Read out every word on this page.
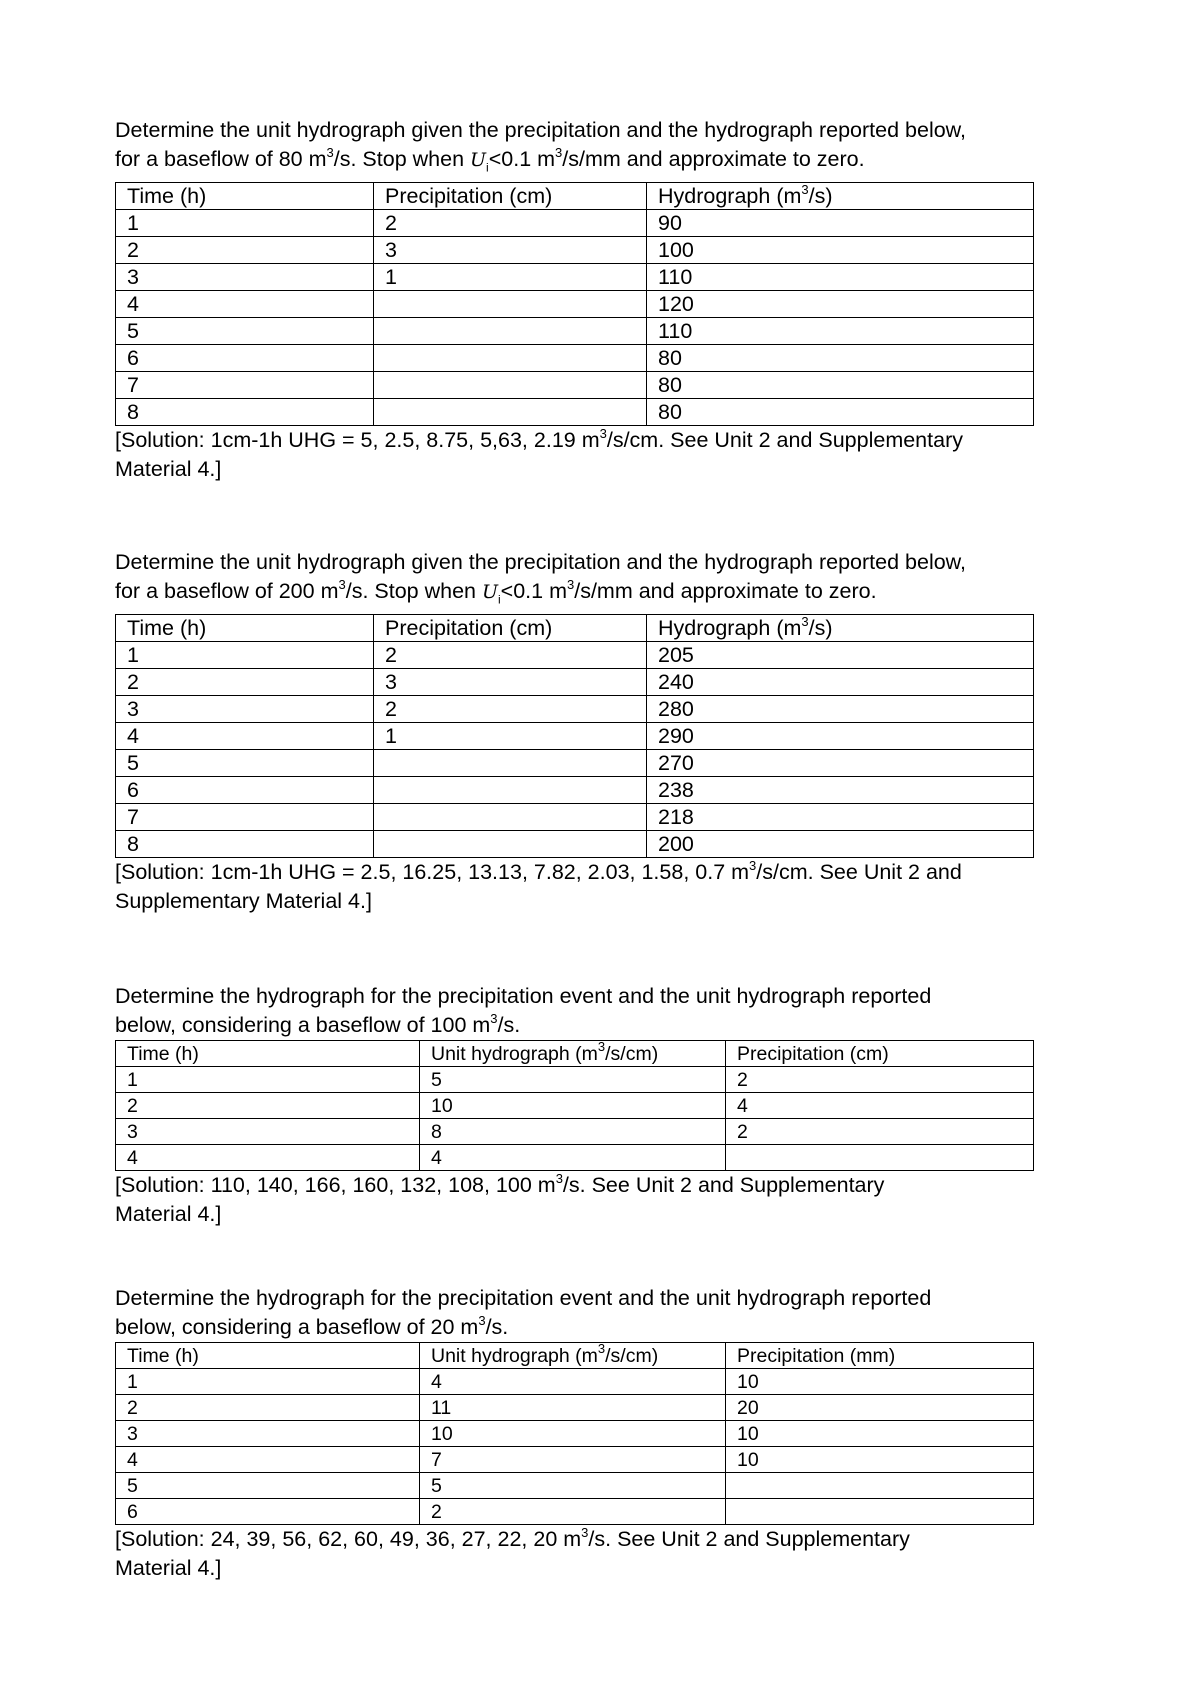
Determine the unit hydrograph given the precipitation and the hydrograph reported below,
for a baseflow of 80 $m^3/s$. Stop when $U_i<0.1$ $m^3/s/mm$ and approximate to zero.

Time (h)	Precipitation (cm)	Hydrograph $(m^3/s)$
1	2	90
2	3	100
3	1	110
4		120
5		110
6		80
7		80
8		80

[Solution: 1cm-1h UHG = 5, 2.5, 8.75, 5,63, 2.19 $m^3/s/cm$. See Unit 2 and Supplementary
Material 4.]

Determine the unit hydrograph given the precipitation and the hydrograph reported below,
for a baseflow of 200 $m^3/s$. Stop when $U_i<0.1$ $m^3/s/mm$ and approximate to zero.

Time (h)	Precipitation (cm)	Hydrograph $(m^3/s)$
1	2	205
2	3	240
3	2	280
4	1	290
5		270
6		238
7		218
8		200

[Solution: 1cm-1h UHG = 2.5, 16.25, 13.13, 7.82, 2.03, 1.58, 0.7 $m^3/s/cm$. See Unit 2 and
Supplementary Material 4.]

Determine the hydrograph for the precipitation event and the unit hydrograph reported
below, considering a baseflow of 100 $m^3/s$.

Time (h)	Unit hydrograph $(m^3/s/cm)$	Precipitation (cm)
1	5	2
2	10	4
3	8	2
4	4	

[Solution: 110, 140, 166, 160, 132, 108, 100 $m^3/s$. See Unit 2 and Supplementary
Material 4.]

Determine the hydrograph for the precipitation event and the unit hydrograph reported
below, considering a baseflow of 20 $m^3/s$.

Time (h)	Unit hydrograph $(m^3/s/cm)$	Precipitation (mm)
1	4	10
2	11	20
3	10	10
4	7	10
5	5	
6	2	

[Solution: 24, 39, 56, 62, 60, 49, 36, 27, 22, 20 $m^3/s$. See Unit 2 and Supplementary
Material 4.]
